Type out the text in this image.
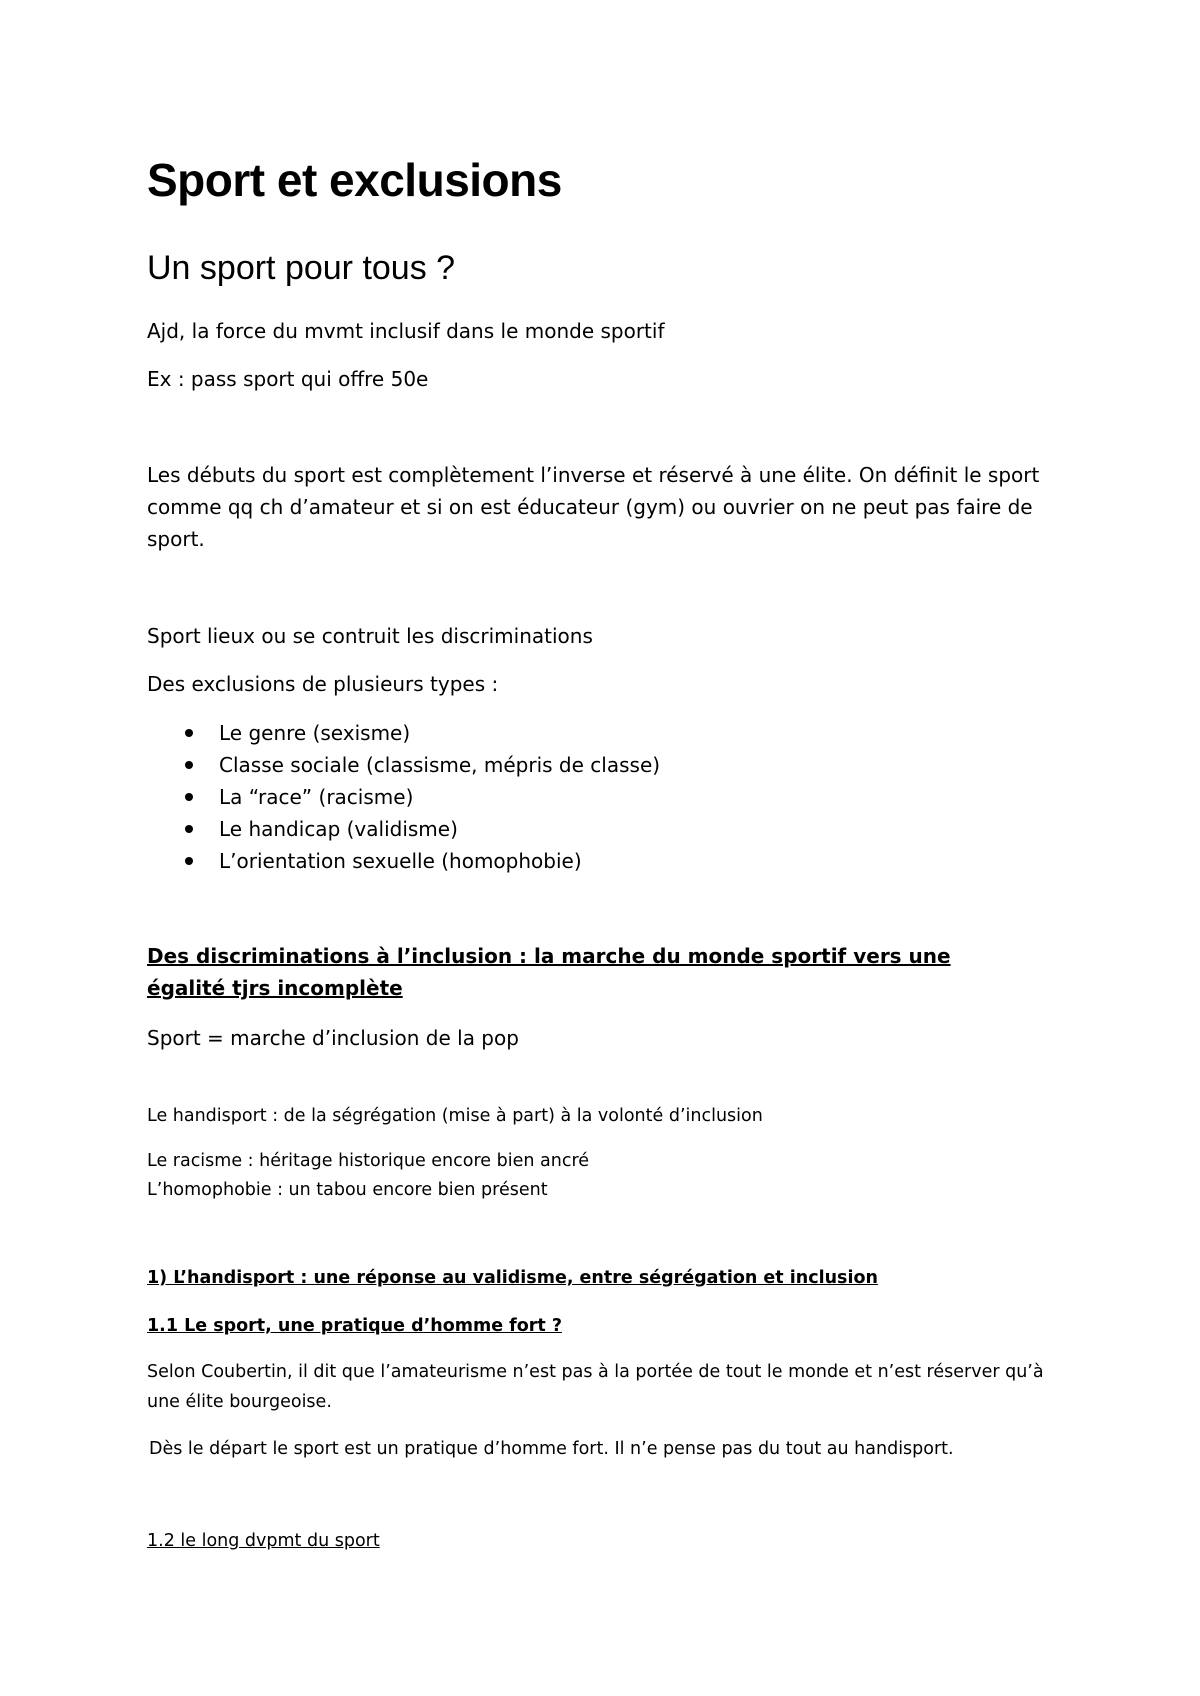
Sport et exclusions
Un sport pour tous ?

Ajd, la force du mvmt inclusif dans le monde sportif

Ex : pass sport qui offre 50e

Les débuts du sport est complètement l’inverse et réservé à une élite. On définit le sport comme qq ch d’amateur et si on est éducateur (gym) ou ouvrier on ne peut pas faire de sport.

Sport lieux ou se contruit les discriminations

Des exclusions de plusieurs types :

Le genre (sexisme)
Classe sociale (classisme, mépris de classe)
La “race” (racisme)
Le handicap (validisme)
L’orientation sexuelle (homophobie)
Des discriminations à l’inclusion : la marche du monde sportif vers une égalité tjrs incomplète

Sport = marche d’inclusion de la pop

Le handisport : de la ségrégation (mise à part) à la volonté d’inclusion

Le racisme : héritage historique encore bien ancré

L’homophobie : un tabou encore bien présent

1) L’handisport : une réponse au validisme, entre ségrégation et inclusion
1.1 Le sport, une pratique d’homme fort ?

Selon Coubertin, il dit que l’amateurisme n’est pas à la portée de tout le monde et n’est réserver qu’à une élite bourgeoise.

Dès le départ le sport est un pratique d’homme fort. Il n’e pense pas du tout au handisport.

1.2 le long dvpmt du sport
